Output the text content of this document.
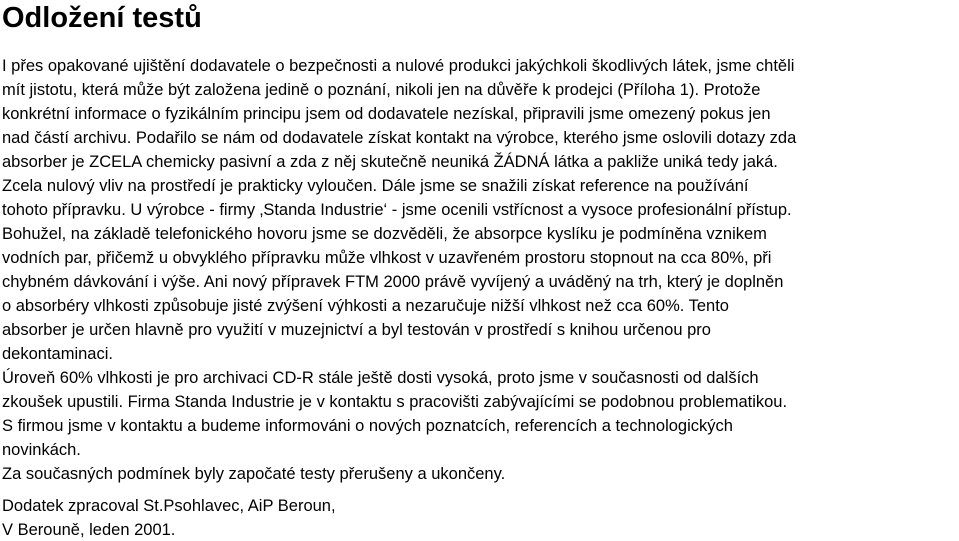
Odložení testů
I přes opakované ujištění dodavatele o bezpečnosti a nulové produkci jakýchkoli škodlivých látek, jsme chtěli
mít jistotu, která může být založena jedině o poznání, nikoli jen na důvěře k prodejci (Příloha 1). Protože
konkrétní informace o fyzikálním principu jsem od dodavatele nezískal, připravili jsme omezený pokus jen
nad částí archivu. Podařilo se nám od dodavatele získat kontakt na výrobce, kterého jsme oslovili dotazy zda
absorber je ZCELA chemicky pasivní a zda z něj skutečně neuniká ŽÁDNÁ látka a pakliže uniká tedy jaká.
Zcela nulový vliv na prostředí je prakticky vyloučen. Dále jsme se snažili získat reference na používání
tohoto přípravku. U výrobce - firmy ‚Standa Industrie‘ - jsme ocenili vstřícnost a vysoce profesionální přístup.
Bohužel, na základě telefonického hovoru jsme se dozvěděli, že absorpce kyslíku je podmíněna vznikem
vodních par, přičemž u obvyklého přípravku může vlhkost v uzavřeném prostoru stopnout na cca 80%, při
chybném dávkování i výše. Ani nový přípravek FTM 2000 právě vyvíjený a uváděný na trh, který je doplněn
o absorbéry vlhkosti způsobuje jisté zvýšení výhkosti a nezaručuje nižší vlhkost než cca 60%. Tento
absorber je určen hlavně pro využití v muzejnictví a byl testován v prostředí s knihou určenou pro
dekontaminaci.
Úroveň 60% vlhkosti je pro archivaci CD-R stále ještě dosti vysoká, proto jsme v současnosti od dalších
zkoušek upustili. Firma Standa Industrie je v kontaktu s pracovišti zabývajícími se podobnou problematikou.
S firmou jsme v kontaktu a budeme informováni o nových poznatcích, referencích a technologických
novinkách.
Za současných podmínek byly započaté testy přerušeny a ukončeny.
Dodatek zpracoval St.Psohlavec, AiP Beroun,
V Berouně, leden 2001.
